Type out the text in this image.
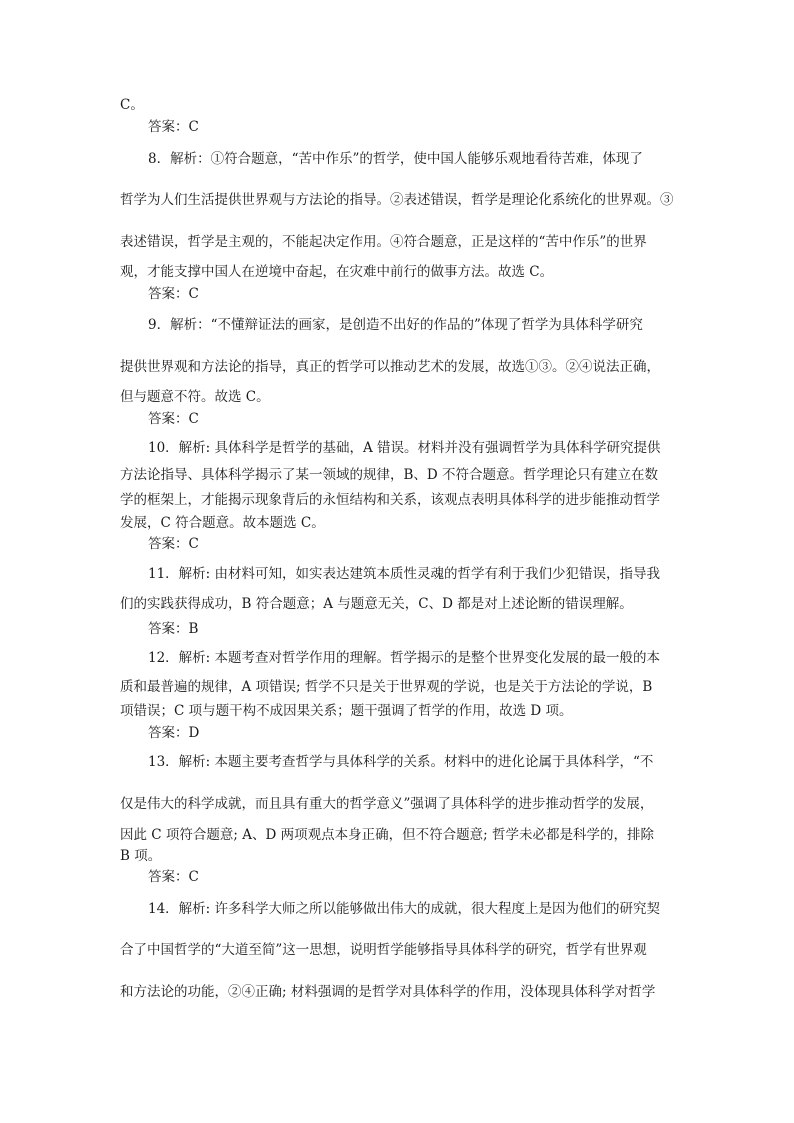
C。
答案：C
8．解析：①符合题意，“苦中作乐”的哲学，使中国人能够乐观地看待苦难，体现了
哲学为人们生活提供世界观与方法论的指导。②表述错误，哲学是理论化系统化的世界观。③
表述错误，哲学是主观的，不能起决定作用。④符合题意，正是这样的“苦中作乐”的世界
观，才能支撑中国人在逆境中奋起，在灾难中前行的做事方法。故选 C。
答案：C
9．解析：“不懂辩证法的画家，是创造不出好的作品的”体现了哲学为具体科学研究
提供世界观和方法论的指导，真正的哲学可以推动艺术的发展，故选①③。②④说法正确，
但与题意不符。故选 C。
答案：C
10．解析: 具体科学是哲学的基础，A 错误。材料并没有强调哲学为具体科学研究提供
方法论指导、具体科学揭示了某一领域的规律，B、D 不符合题意。哲学理论只有建立在数
学的框架上，才能揭示现象背后的永恒结构和关系，该观点表明具体科学的进步能推动哲学
发展，C 符合题意。故本题选 C。
答案：C
11．解析: 由材料可知，如实表达建筑本质性灵魂的哲学有利于我们少犯错误，指导我
们的实践获得成功，B 符合题意；A 与题意无关，C、D 都是对上述论断的错误理解。
答案：B
12．解析: 本题考查对哲学作用的理解。哲学揭示的是整个世界变化发展的最一般的本
质和最普遍的规律，A 项错误; 哲学不只是关于世界观的学说，也是关于方法论的学说，B
项错误；C 项与题干构不成因果关系；题干强调了哲学的作用，故选 D 项。
答案：D
13．解析: 本题主要考查哲学与具体科学的关系。材料中的进化论属于具体科学，“不
仅是伟大的科学成就，而且具有重大的哲学意义”强调了具体科学的进步推动哲学的发展，
因此 C 项符合题意; A、D 两项观点本身正确，但不符合题意; 哲学未必都是科学的，排除
B 项。
答案：C
14．解析: 许多科学大师之所以能够做出伟大的成就，很大程度上是因为他们的研究契
合了中国哲学的“大道至简”这一思想，说明哲学能够指导具体科学的研究，哲学有世界观
和方法论的功能，②④正确; 材料强调的是哲学对具体科学的作用，没体现具体科学对哲学
